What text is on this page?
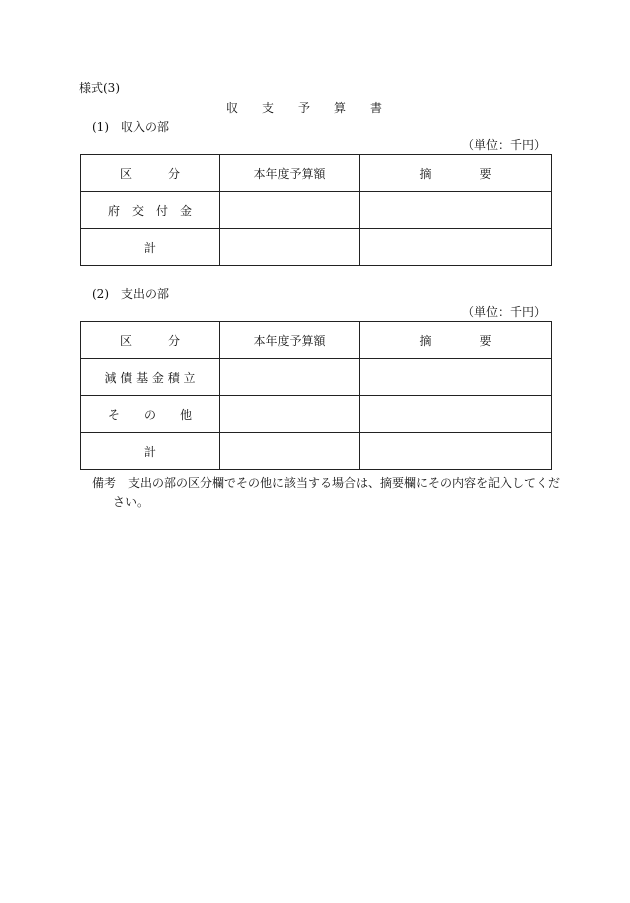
様式(3)
収　　支　　予　　算　　書
(1)　収入の部
（単位：千円）
区　　　分	本年度予算額	摘　　　　要
府　交　付　金		
計		
(2)　支出の部
（単位：千円）
区　　　分	本年度予算額	摘　　　　要
減 債 基 金 積 立		
そ　　の　　他		
計		
備考　支出の部の区分欄でその他に該当する場合は、摘要欄にその内容を記入してくだ
さい。
